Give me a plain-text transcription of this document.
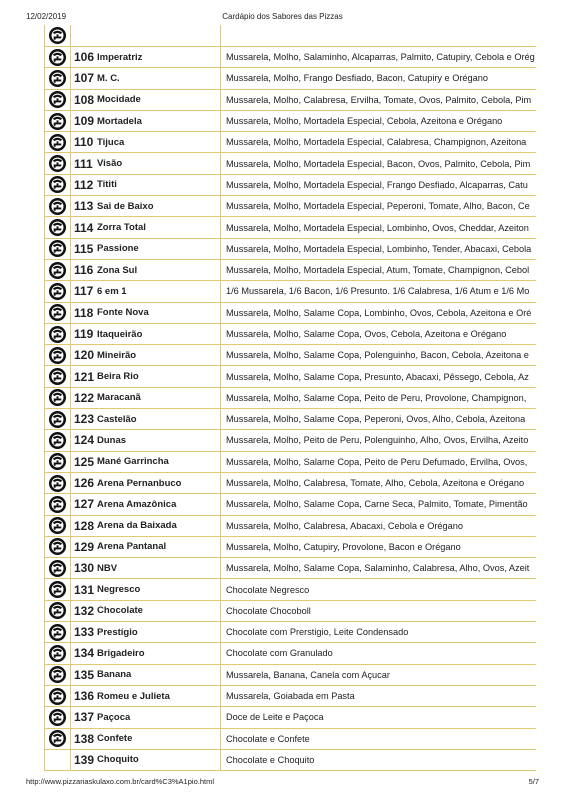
12/02/2019	Cardápio dos Sabores das Pizzas
106 Imperatriz	Mussarela, Molho, Salaminho, Alcaparras, Palmito, Catupiry, Cebola e Orég
107 M. C.	Mussarela, Molho, Frango Desfiado, Bacon, Catupiry e Orégano
108 Mocidade	Mussarela, Molho, Calabresa, Ervilha, Tomate, Ovos, Palmito, Cebola, Pim
109 Mortadela	Mussarela, Molho, Mortadela Especial, Cebola, Azeitona e Orégano
110 Tijuca	Mussarela, Molho, Mortadela Especial, Calabresa, Champignon, Azeitona
111 Visão	Mussarela, Molho, Mortadela Especial, Bacon, Ovos, Palmito, Cebola, Pim
112 Tititi	Mussarela, Molho, Mortadela Especial, Frango Desfiado, Alcaparras, Catu
113 Sai de Baixo	Mussarela, Molho, Mortadela Especial, Peperoni, Tomate, Alho, Bacon, Ce
114 Zorra Total	Mussarela, Molho, Mortadela Especial, Lombinho, Ovos, Cheddar, Azeiton
115 Passione	Mussarela, Molho, Mortadela Especial, Lombinho, Tender, Abacaxi, Cebola
116 Zona Sul	Mussarela, Molho, Mortadela Especial, Atum, Tomate, Champignon, Cebol
117 6 em 1	1/6 Mussarela, 1/6 Bacon, 1/6 Presunto. 1/6 Calabresa, 1/6 Atum e 1/6 Mo
118 Fonte Nova	Mussarela, Molho, Salame Copa, Lombinho, Ovos, Cebola, Azeitona e Oré
119 Itaqueirão	Mussarela, Molho, Salame Copa, Ovos, Cebola, Azeitona e Orégano
120 Mineirão	Mussarela, Molho, Salame Copa, Polenguinho, Bacon, Cebola, Azeitona e
121 Beira Rio	Mussarela, Molho, Salame Copa, Presunto, Abacaxi, Pêssego, Cebola, Az
122 Maracanã	Mussarela, Molho, Salame Copa, Peito de Peru, Provolone, Champignon,
123 Castelão	Mussarela, Molho, Salame Copa, Peperoni, Ovos, Alho, Cebola, Azeitona
124 Dunas	Mussarela, Molho, Peito de Peru, Polenguinho, Alho, Ovos, Ervilha, Azeito
125 Mané Garrincha	Mussarela, Molho, Salame Copa, Peito de Peru Defumado, Ervilha, Ovos,
126 Arena Pernanbuco	Mussarela, Molho, Calabresa, Tomate, Alho, Cebola, Azeitona e Orégano
127 Arena Amazônica	Mussarela, Molho, Salame Copa, Carne Seca, Palmito, Tomate, Pimentão
128 Arena da Baixada	Mussarela, Molho, Calabresa, Abacaxi, Cebola e Orégano
129 Arena Pantanal	Mussarela, Molho, Catupiry, Provolone, Bacon e Orégano
130 NBV	Mussarela, Molho, Salame Copa, Salaminho, Calabresa, Alho, Ovos, Azeit
131 Negresco	Chocolate Negresco
132 Chocolate	Chocolate Chocoboll
133 Prestígio	Chocolate com Prerstigio, Leite Condensado
134 Brigadeiro	Chocolate com Granulado
135 Banana	Mussarela, Banana, Canela com Açucar
136 Romeu e Julieta	Mussarela, Goiabada em Pasta
137 Paçoca	Doce de Leite e Paçoca
138 Confete	Chocolate e Confete
139 Choquito	Chocolate e Choquito
http://www.pizzariaskulaxo.com.br/card%C3%A1pio.html	5/7
